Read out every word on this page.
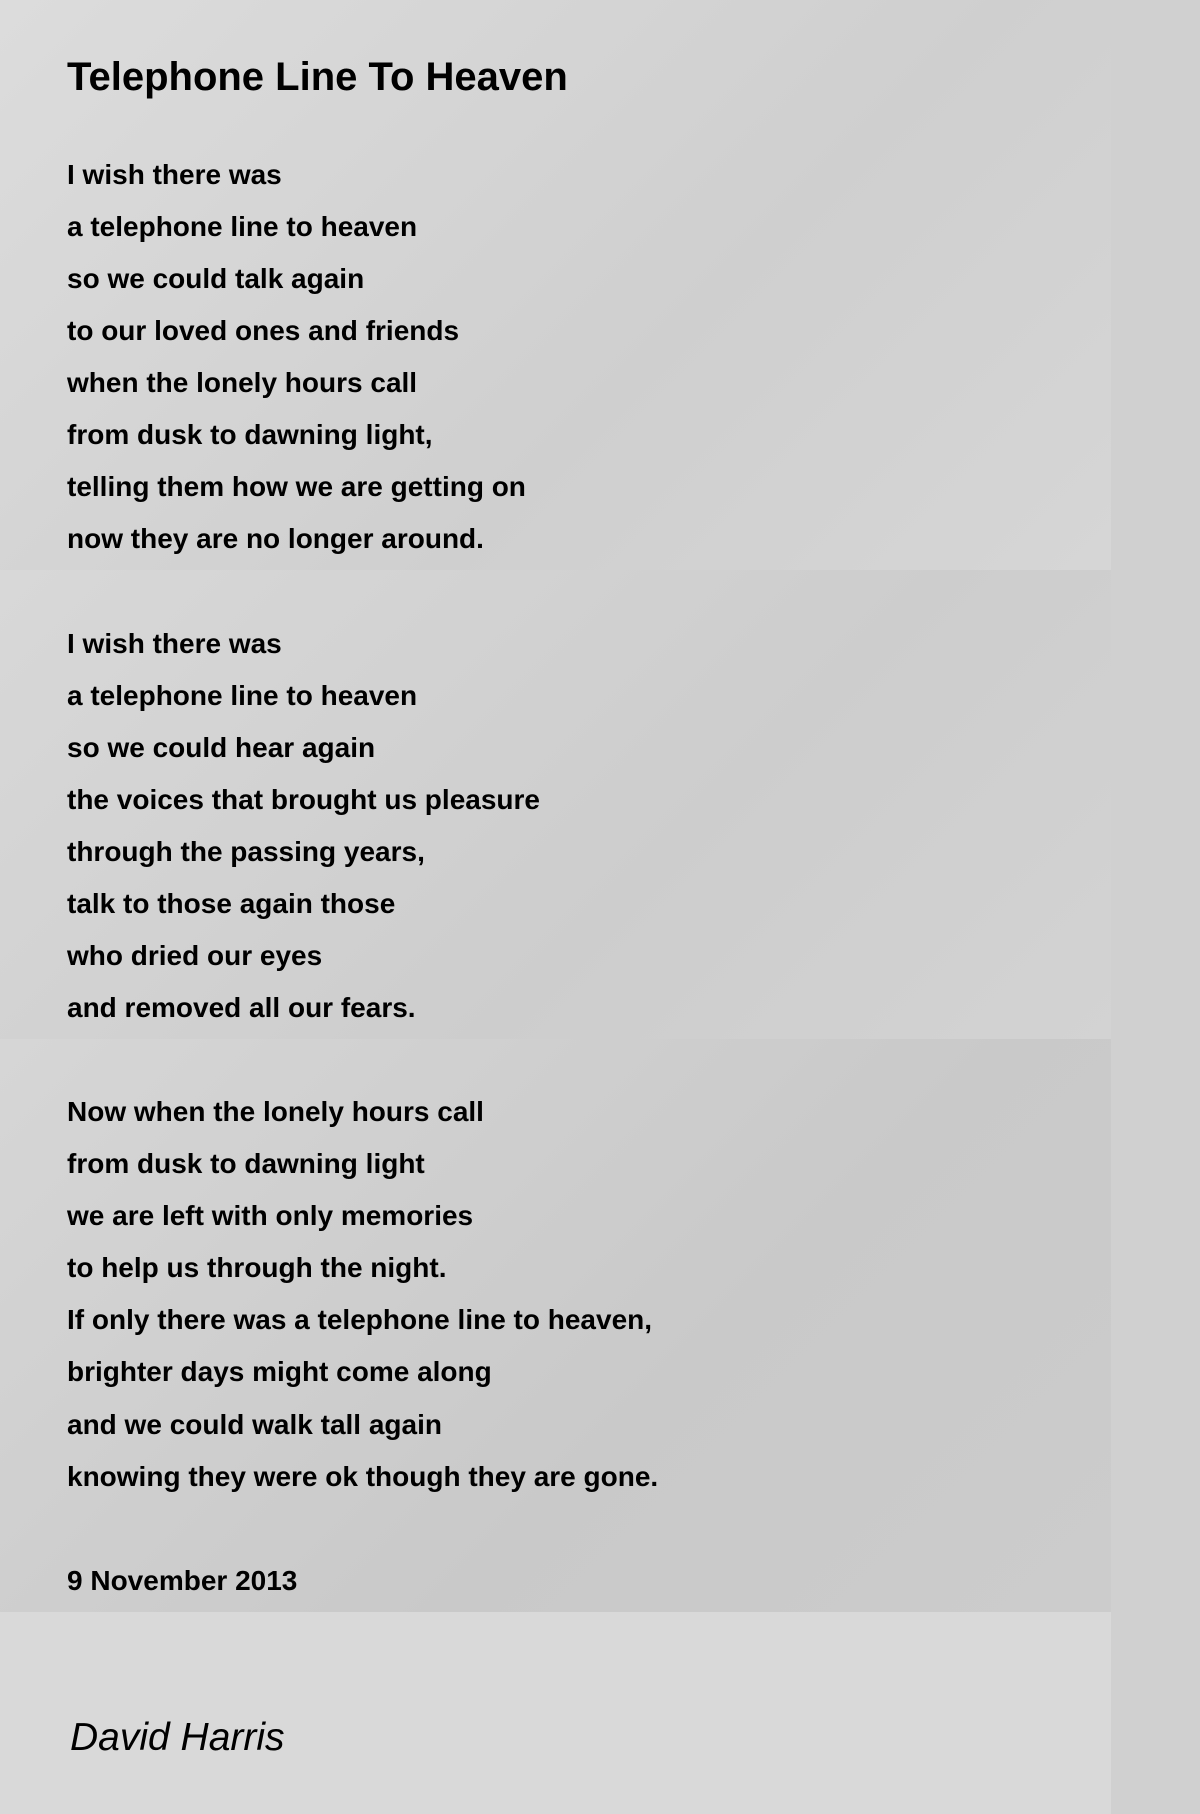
Telephone Line To Heaven
I wish there was
a telephone line to heaven
so we could talk again
to our loved ones and friends
when the lonely hours call
from dusk to dawning light,
telling them how we are getting on
now they are no longer around.
I wish there was
a telephone line to heaven
so we could hear again
the voices that brought us pleasure
through the passing years,
talk to those again those
who dried our eyes
and removed all our fears.
Now when the lonely hours call
from dusk to dawning light
we are left with only memories
to help us through the night.
If only there was a telephone line to heaven,
brighter days might come along
and we could walk tall again
knowing they were ok though they are gone.
9 November 2013
David Harris
